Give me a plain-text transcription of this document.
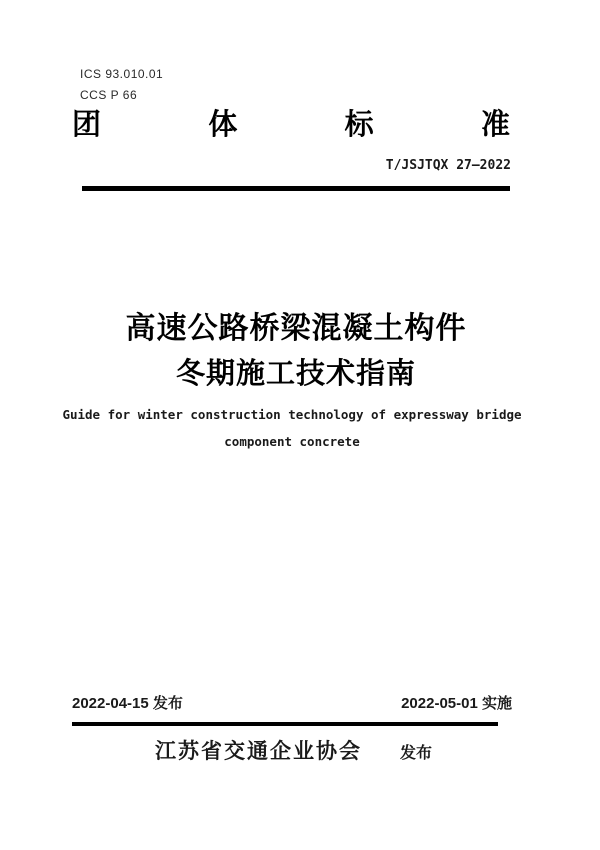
ICS 93.010.01
CCS P 66
团	体	标	准
T/JSJTQX 27—2022
高速公路桥梁混凝土构件
冬期施工技术指南
Guide for winter construction technology of expressway bridge
component concrete
2022-04-15 发布	2022-05-01 实施
江苏省交通企业协会 发布
